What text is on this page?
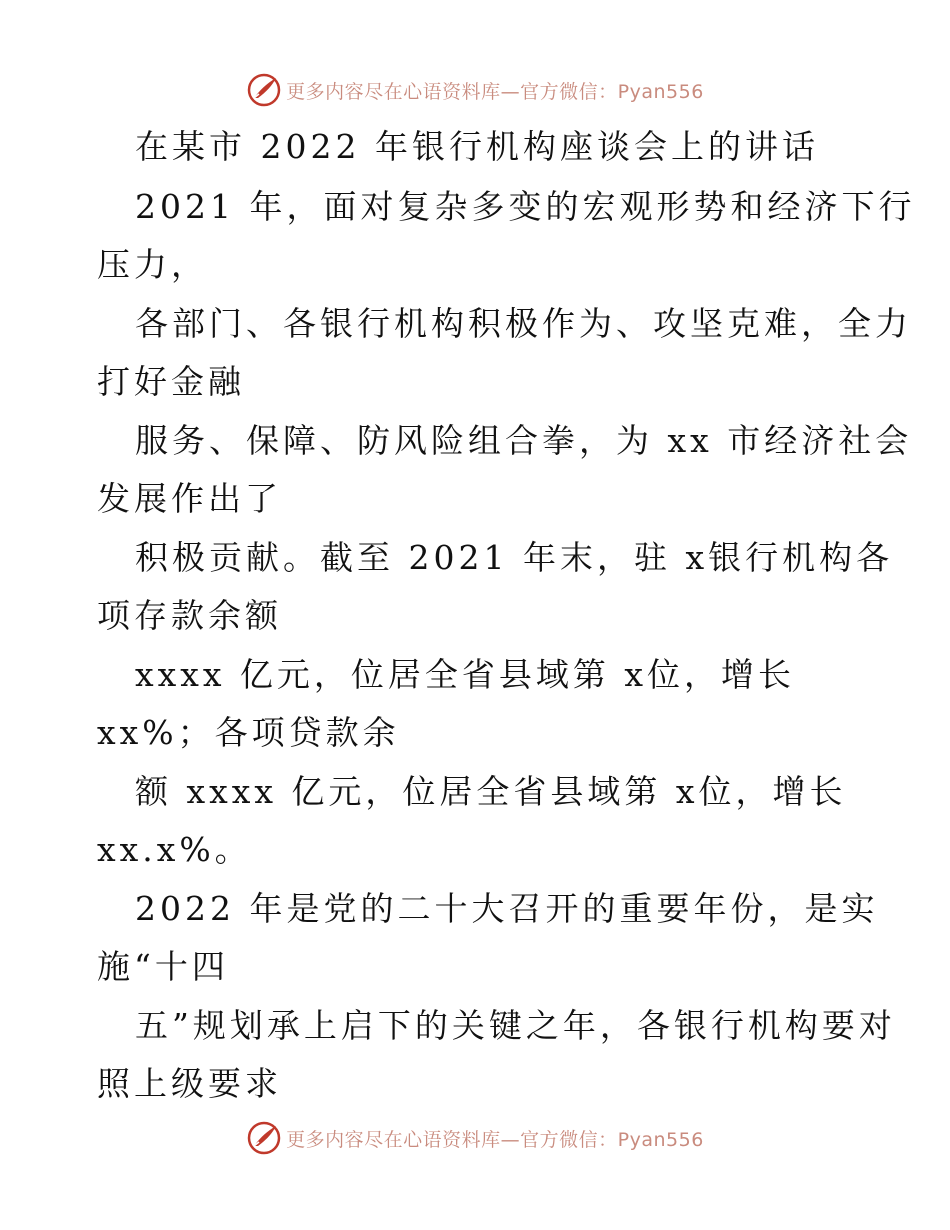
更多内容尽在心语资料库—官方微信：Pyan556
在某市 2022 年银行机构座谈会上的讲话
2021 年，面对复杂多变的宏观形势和经济下行
压力，
各部门、各银行机构积极作为、攻坚克难，全力
打好金融
服务、保障、防风险组合拳，为 xx 市经济社会
发展作出了
积极贡献。截至 2021 年末，驻 x银行机构各
项存款余额
xxxx 亿元，位居全省县域第 x位，增长
xx%；各项贷款余
额 xxxx 亿元，位居全省县域第 x位，增长
xx.x%。
2022 年是党的二十大召开的重要年份，是实
施“十四
五”规划承上启下的关键之年，各银行机构要对
照上级要求
更多内容尽在心语资料库—官方微信：Pyan556
